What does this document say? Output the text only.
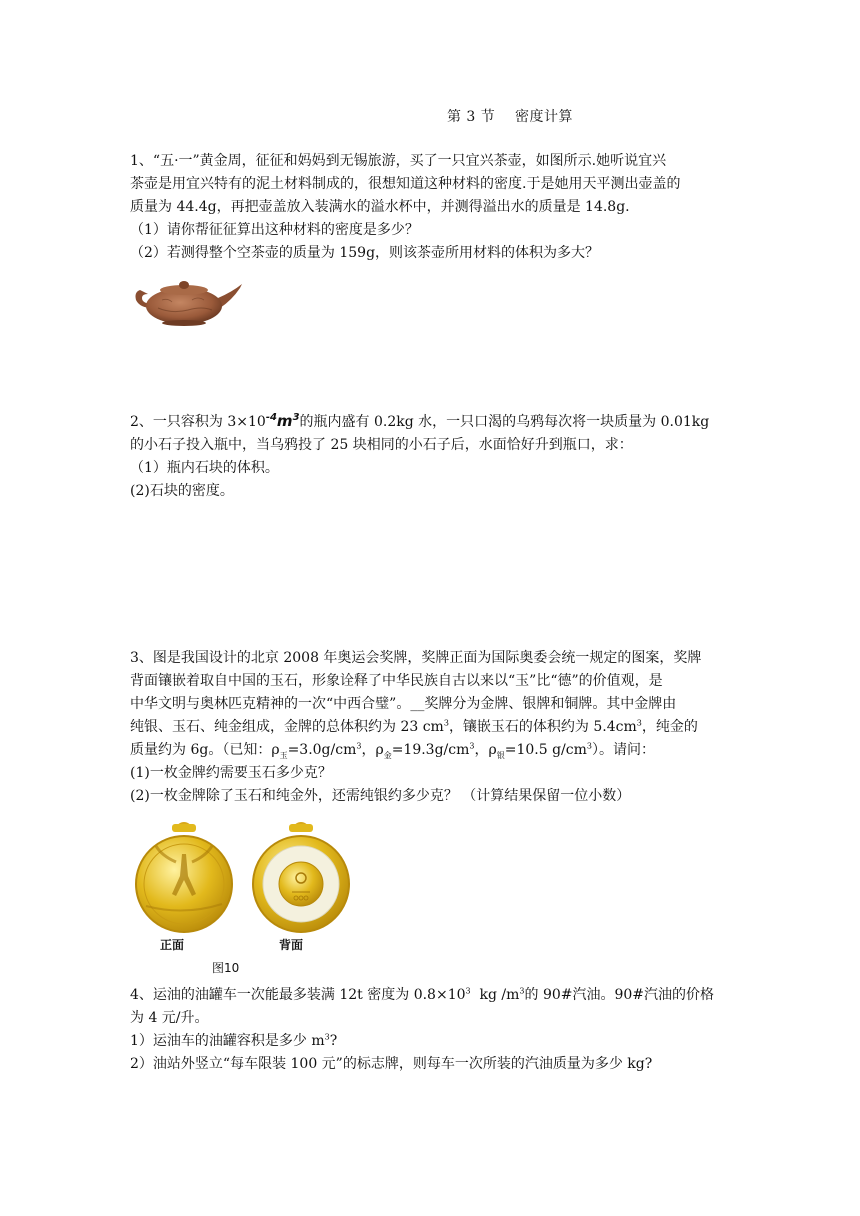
第 3 节    密度计算

1、“五·一”黄金周，征征和妈妈到无锡旅游，买了一只宜兴茶壶，如图所示.她听说宜兴

茶壶是用宜兴特有的泥土材料制成的，很想知道这种材料的密度.于是她用天平测出壶盖的

质量为 44.4g，再把壶盖放入装满水的溢水杯中，并测得溢出水的质量是 14.8g.

（1）请你帮征征算出这种材料的密度是多少？

（2）若测得整个空茶壶的质量为 159g，则该茶壶所用材料的体积为多大？

2、一只容积为 $3\times 10^{-4}m^3$的瓶内盛有 0.2kg 水，一只口渴的乌鸦每次将一块质量为 0.01kg

的小石子投入瓶中，当乌鸦投了 25 块相同的小石子后，水面恰好升到瓶口，求：

（1）瓶内石块的体积。

(2)石块的密度。

3、图是我国设计的北京 2008 年奥运会奖牌，奖牌正面为国际奥委会统一规定的图案，奖牌

背面镶嵌着取自中国的玉石，形象诠释了中华民族自古以来以“玉”比“德”的价值观，是

中华文明与奥林匹克精神的一次“中西合璧”。__奖牌分为金牌、银牌和铜牌。其中金牌由

纯银、玉石、纯金组成，金牌的总体积约为 23 $cm^3$，镶嵌玉石的体积约为 $5.4cm^3$，纯金的

质量约为 6g。（已知：$\rho_玉=3.0g/cm^3$，$\rho_金=19.3g/cm^3$，$\rho_银=10.5$ $g/cm^3$）。请问：

(1)一枚金牌约需要玉石多少克？

(2)一枚金牌除了玉石和纯金外，还需纯银约多少克？ （计算结果保留一位小数）

正面	背面
图10

4、运油的油罐车一次能最多装满 12t 密度为 $0.8\times 10^3$  kg $/m^3$的 90#汽油。90#汽油的价格

为 4 元/升。

1）运油车的油罐容积是多少 $m^3$?

2）油站外竖立“每车限装 100 元”的标志牌，则每车一次所装的汽油质量为多少 kg?
